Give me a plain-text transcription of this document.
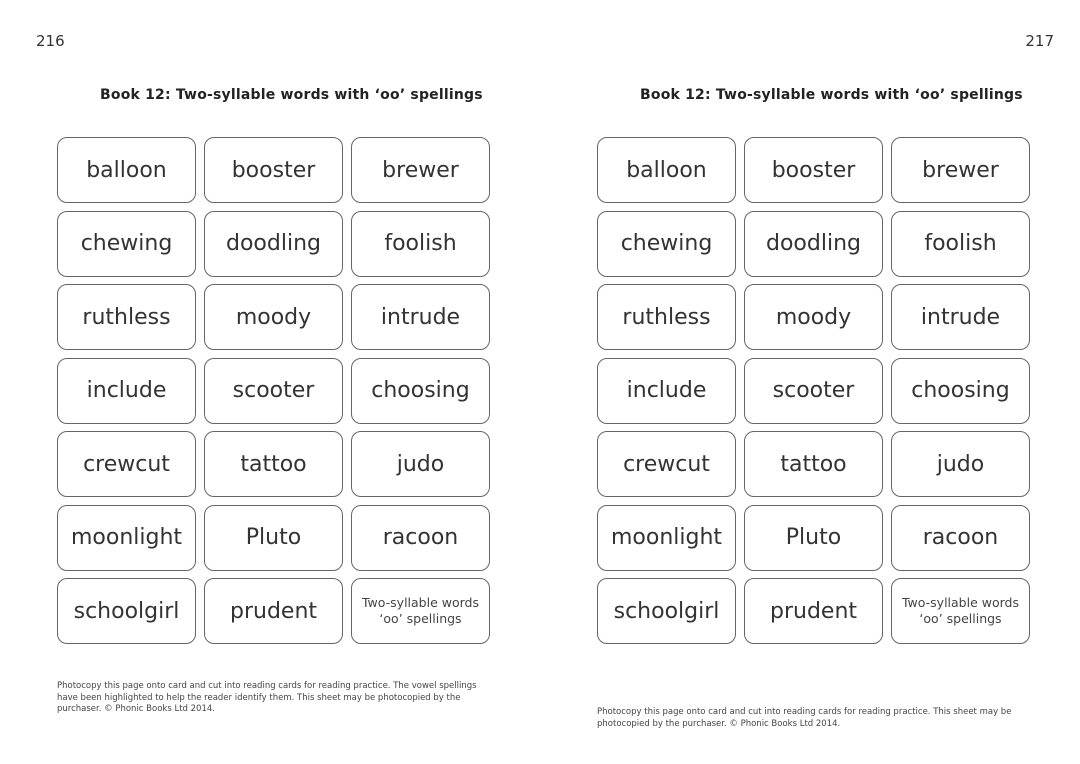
216
Book 12: Two-syllable words with ‘oo’ spellings
balloon	booster	brewer
chewing	doodling	foolish
ruthless	moody	intrude
include	scooter	choosing
crewcut	tattoo	judo
moonlight	Pluto	racoon
schoolgirl	prudent	Two-syllable words ‘oo’ spellings
Photocopy this page onto card and cut into reading cards for reading practice. The vowel spellings have been highlighted to help the reader identify them. This sheet may be photocopied by the purchaser. © Phonic Books Ltd 2014.
217
Book 12: Two-syllable words with ‘oo’ spellings
balloon	booster	brewer
chewing	doodling	foolish
ruthless	moody	intrude
include	scooter	choosing
crewcut	tattoo	judo
moonlight	Pluto	racoon
schoolgirl	prudent	Two-syllable words ‘oo’ spellings
Photocopy this page onto card and cut into reading cards for reading practice. This sheet may be photocopied by the purchaser. © Phonic Books Ltd 2014.
